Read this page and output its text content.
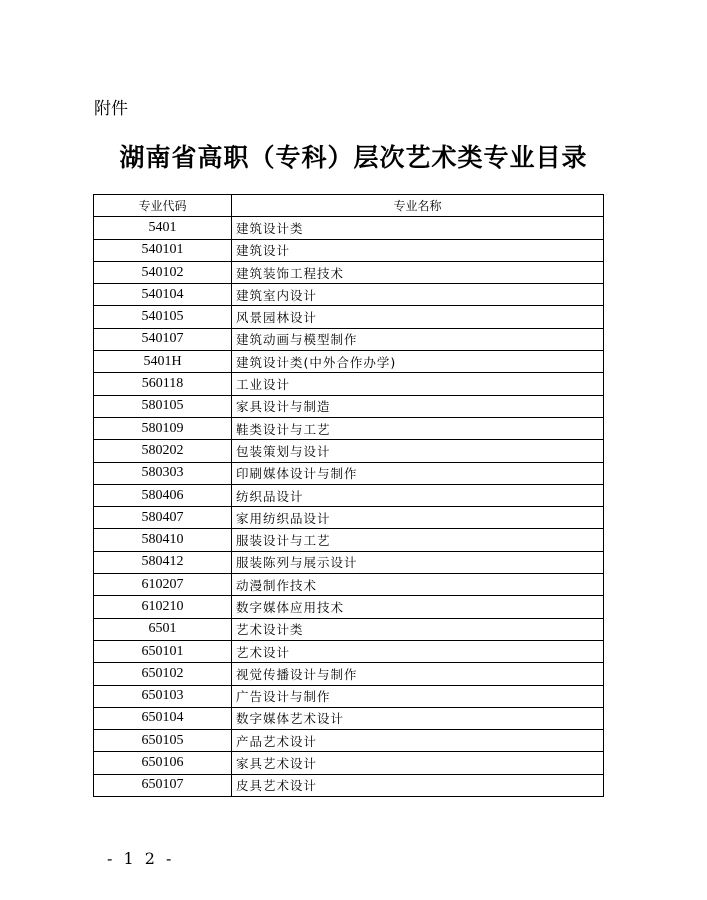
附件
湖南省高职（专科）层次艺术类专业目录
专业代码	专业名称
5401	建筑设计类
540101	建筑设计
540102	建筑装饰工程技术
540104	建筑室内设计
540105	风景园林设计
540107	建筑动画与模型制作
5401H	建筑设计类(中外合作办学)
560118	工业设计
580105	家具设计与制造
580109	鞋类设计与工艺
580202	包装策划与设计
580303	印刷媒体设计与制作
580406	纺织品设计
580407	家用纺织品设计
580410	服装设计与工艺
580412	服装陈列与展示设计
610207	动漫制作技术
610210	数字媒体应用技术
6501	艺术设计类
650101	艺术设计
650102	视觉传播设计与制作
650103	广告设计与制作
650104	数字媒体艺术设计
650105	产品艺术设计
650106	家具艺术设计
650107	皮具艺术设计
- 1 2 -
